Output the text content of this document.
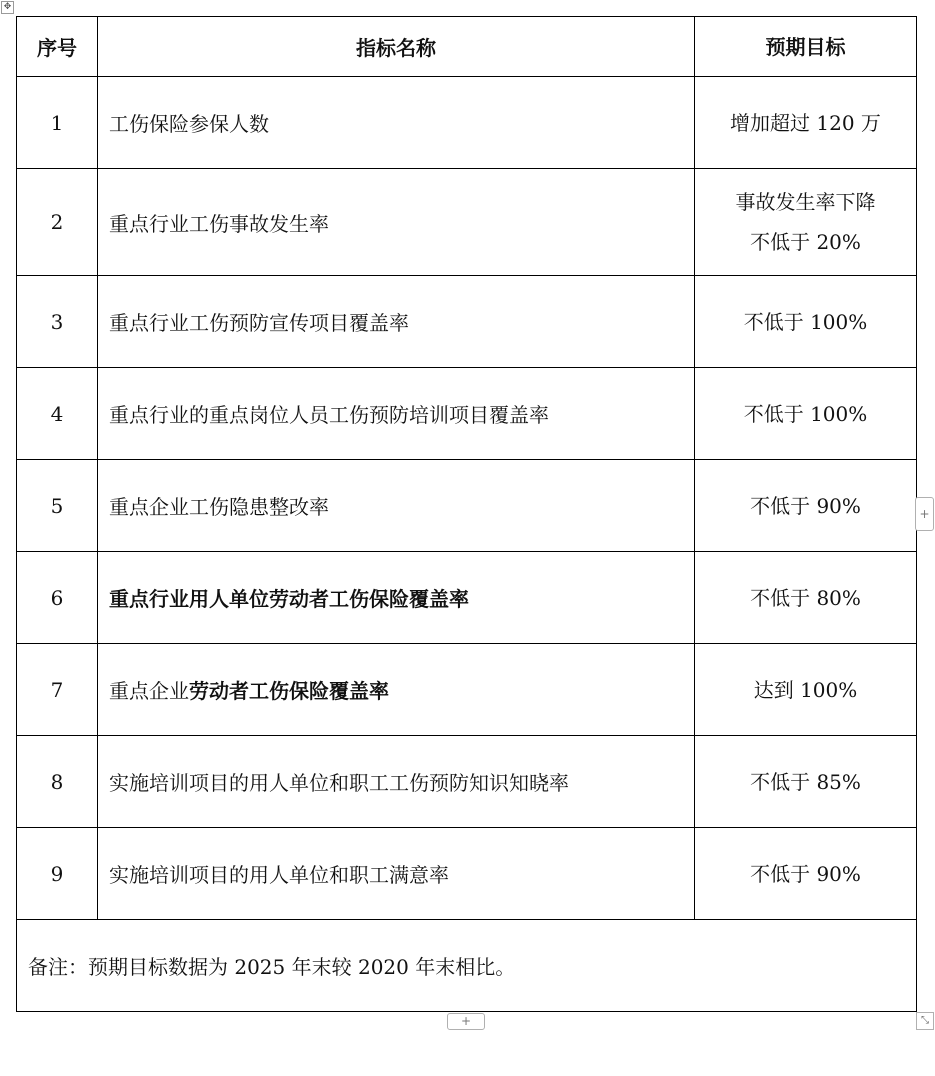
✥
序号	指标名称	预期目标
1	工伤保险参保人数	增加超过 120 万
2	重点行业工伤事故发生率	事故发生率下降
不低于 20%

3	重点行业工伤预防宣传项目覆盖率	不低于 100%
4	重点行业的重点岗位人员工伤预防培训项目覆盖率	不低于 100%
5	重点企业工伤隐患整改率	不低于 90%
6	重点行业用人单位劳动者工伤保险覆盖率	不低于 80%
7	重点企业劳动者工伤保险覆盖率	达到 100%
8	实施培训项目的用人单位和职工工伤预防知识知晓率	不低于 85%
9	实施培训项目的用人单位和职工满意率	不低于 90%
备注：预期目标数据为 2025 年末较 2020 年末相比。		
+
+	⤡
